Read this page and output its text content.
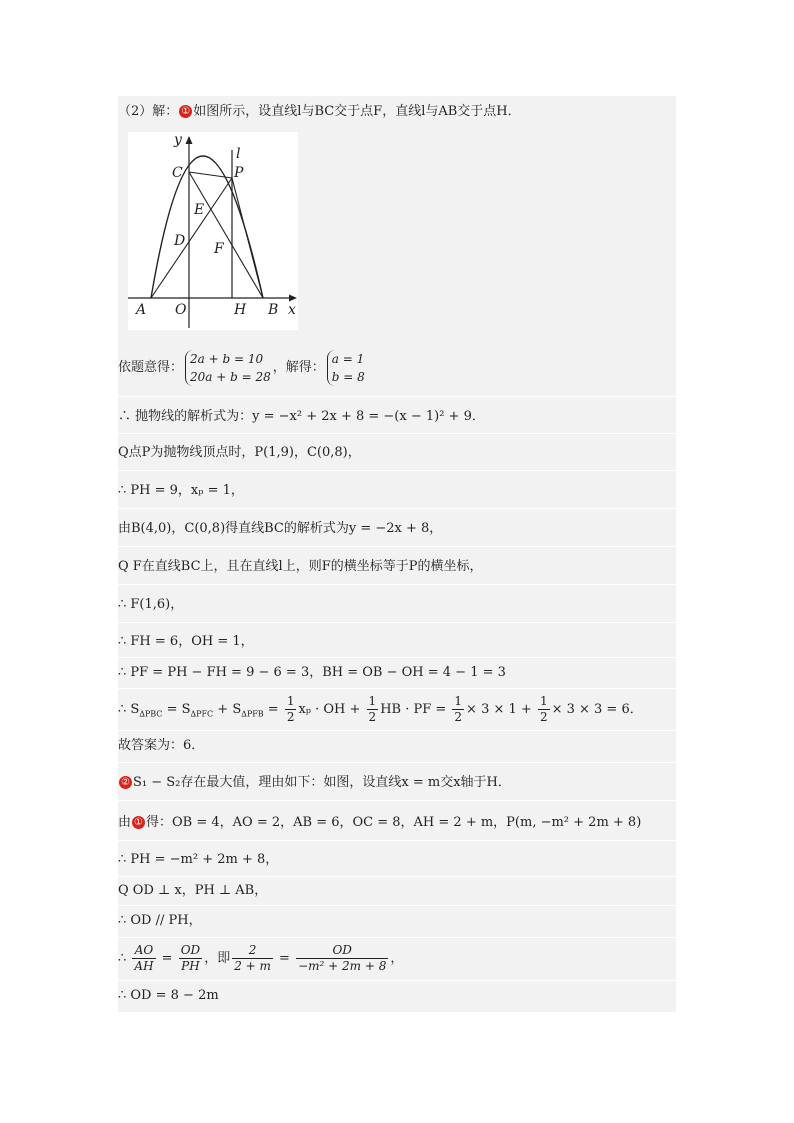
（2）解： ① 如图所示，设直线l与BC交于点F，直线l与AB交于点H．
y
l
C	P
E
D F
A O	H B x
依题意得：
2a + b = 10
20a + b = 28
，解得：
a = 1
b = 8
∴ 抛物线的解析式为：y = −x² + 2x + 8 = −(x − 1)² + 9．
Q点P为抛物线顶点时，P(1,9)，C(0,8)，
∴ PH = 9，xₚ = 1，
由B(4,0)，C(0,8)得直线BC的解析式为y = −2x + 8，
Q F在直线BC上，且在直线l上，则F的横坐标等于P的横坐标，
∴ F(1,6)，
∴ FH = 6，OH = 1，
∴ PF = PH − FH = 9 − 6 = 3，BH = OB − OH = 4 − 1 = 3
∴ $S_{\Delta PBC} = S_{\Delta PFC} + S_{\Delta PFB} = \frac{1}{2}$ xₚ · OH + $\frac{1}{2}$ HB · PF = $\frac{1}{2} \times 3 \times 1 + \frac{1}{2} \times 3 \times 3 = 6$．
故答案为：6．
② S₁ − S₂存在最大值，理由如下：如图，设直线x = m交x轴于H．
由 ① 得：OB = 4，AO = 2，AB = 6，OC = 8，AH = 2 + m，P(m, −m² + 2m + 8)
∴ PH = −m² + 2m + 8，
Q OD ⊥ x，PH ⊥ AB，
∴ OD // PH，
∴ $\frac{AO}{AH} = \frac{OD}{PH}$ ，即 $\frac{2}{2 + m} = \frac{OD}{\text{−m² + 2m + 8}}$ ，
∴ OD = 8 − 2m
